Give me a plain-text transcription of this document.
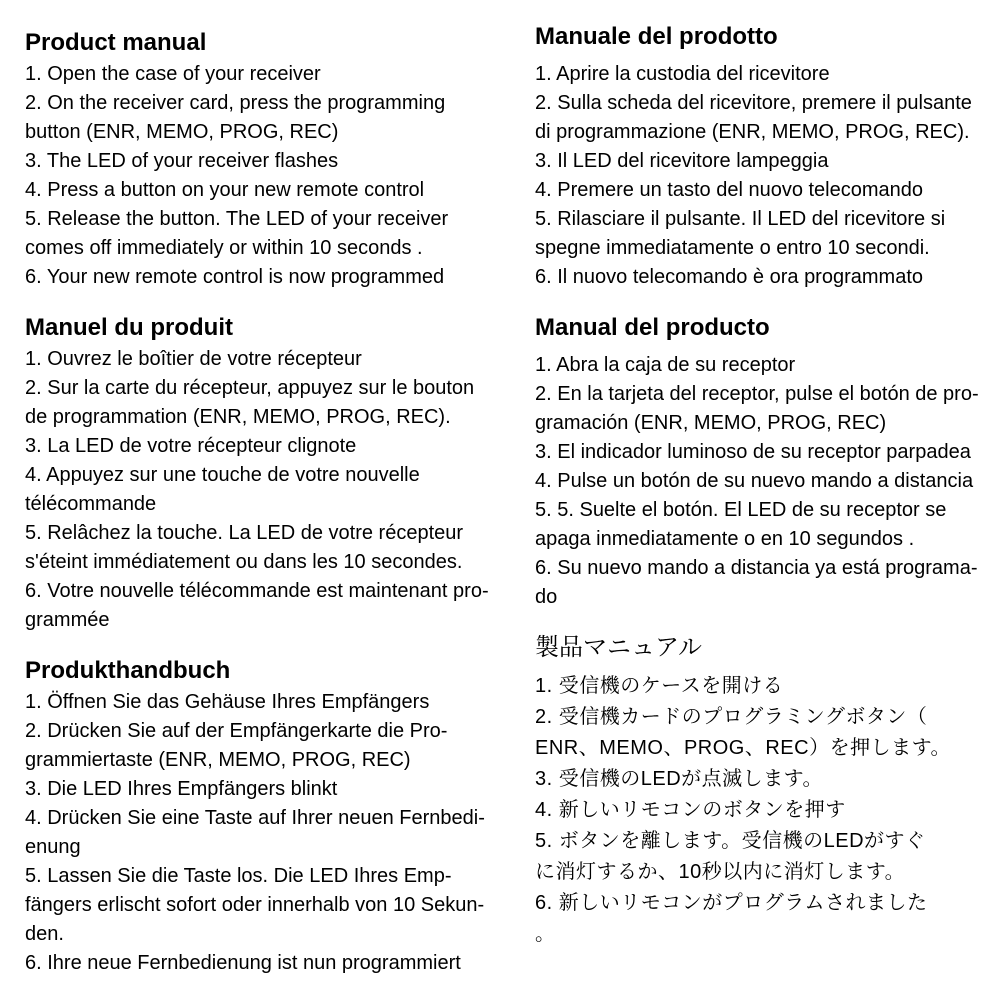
Product manual
1. Open the case of your receiver
2. On the receiver card, press the programming
button (ENR, MEMO, PROG, REC)
3. The LED of your receiver flashes
4. Press a button on your new remote control
5. Release the button. The LED of your receiver
comes off immediately or within 10 seconds .
6. Your new remote control is now programmed
Manuel du produit
1. Ouvrez le boîtier de votre récepteur
2. Sur la carte du récepteur, appuyez sur le bouton
de programmation (ENR, MEMO, PROG, REC).
3. La LED de votre récepteur clignote
4. Appuyez sur une touche de votre nouvelle
télécommande
5. Relâchez la touche. La LED de votre récepteur
s'éteint immédiatement ou dans les 10 secondes.
6. Votre nouvelle télécommande est maintenant pro-
grammée
Produkthandbuch
1. Öffnen Sie das Gehäuse Ihres Empfängers
2. Drücken Sie auf der Empfängerkarte die Pro-
grammiertaste (ENR, MEMO, PROG, REC)
3. Die LED Ihres Empfängers blinkt
4. Drücken Sie eine Taste auf Ihrer neuen Fernbedi-
enung
5. Lassen Sie die Taste los. Die LED Ihres Emp-
fängers erlischt sofort oder innerhalb von 10 Sekun-
den.
6. Ihre neue Fernbedienung ist nun programmiert
Manuale del prodotto
1. Aprire la custodia del ricevitore
2. Sulla scheda del ricevitore, premere il pulsante
di programmazione (ENR, MEMO, PROG, REC).
3. Il LED del ricevitore lampeggia
4. Premere un tasto del nuovo telecomando
5. Rilasciare il pulsante. Il LED del ricevitore si
spegne immediatamente o entro 10 secondi.
6. Il nuovo telecomando è ora programmato
Manual del producto
1. Abra la caja de su receptor
2. En la tarjeta del receptor, pulse el botón de pro-
gramación (ENR, MEMO, PROG, REC)
3. El indicador luminoso de su receptor parpadea
4. Pulse un botón de su nuevo mando a distancia
5. 5. Suelte el botón. El LED de su receptor se
apaga inmediatamente o en 10 segundos .
6. Su nuevo mando a distancia ya está programa-
do
製品マニュアル
1. 受信機のケースを開ける
2. 受信機カードのプログラミングボタン（
ENR、MEMO、PROG、REC）を押します。
3. 受信機のLEDが点滅します。
4. 新しいリモコンのボタンを押す
5. ボタンを離します。受信機のLEDがすぐ
に消灯するか、10秒以内に消灯します。
6. 新しいリモコンがプログラムされました
。
